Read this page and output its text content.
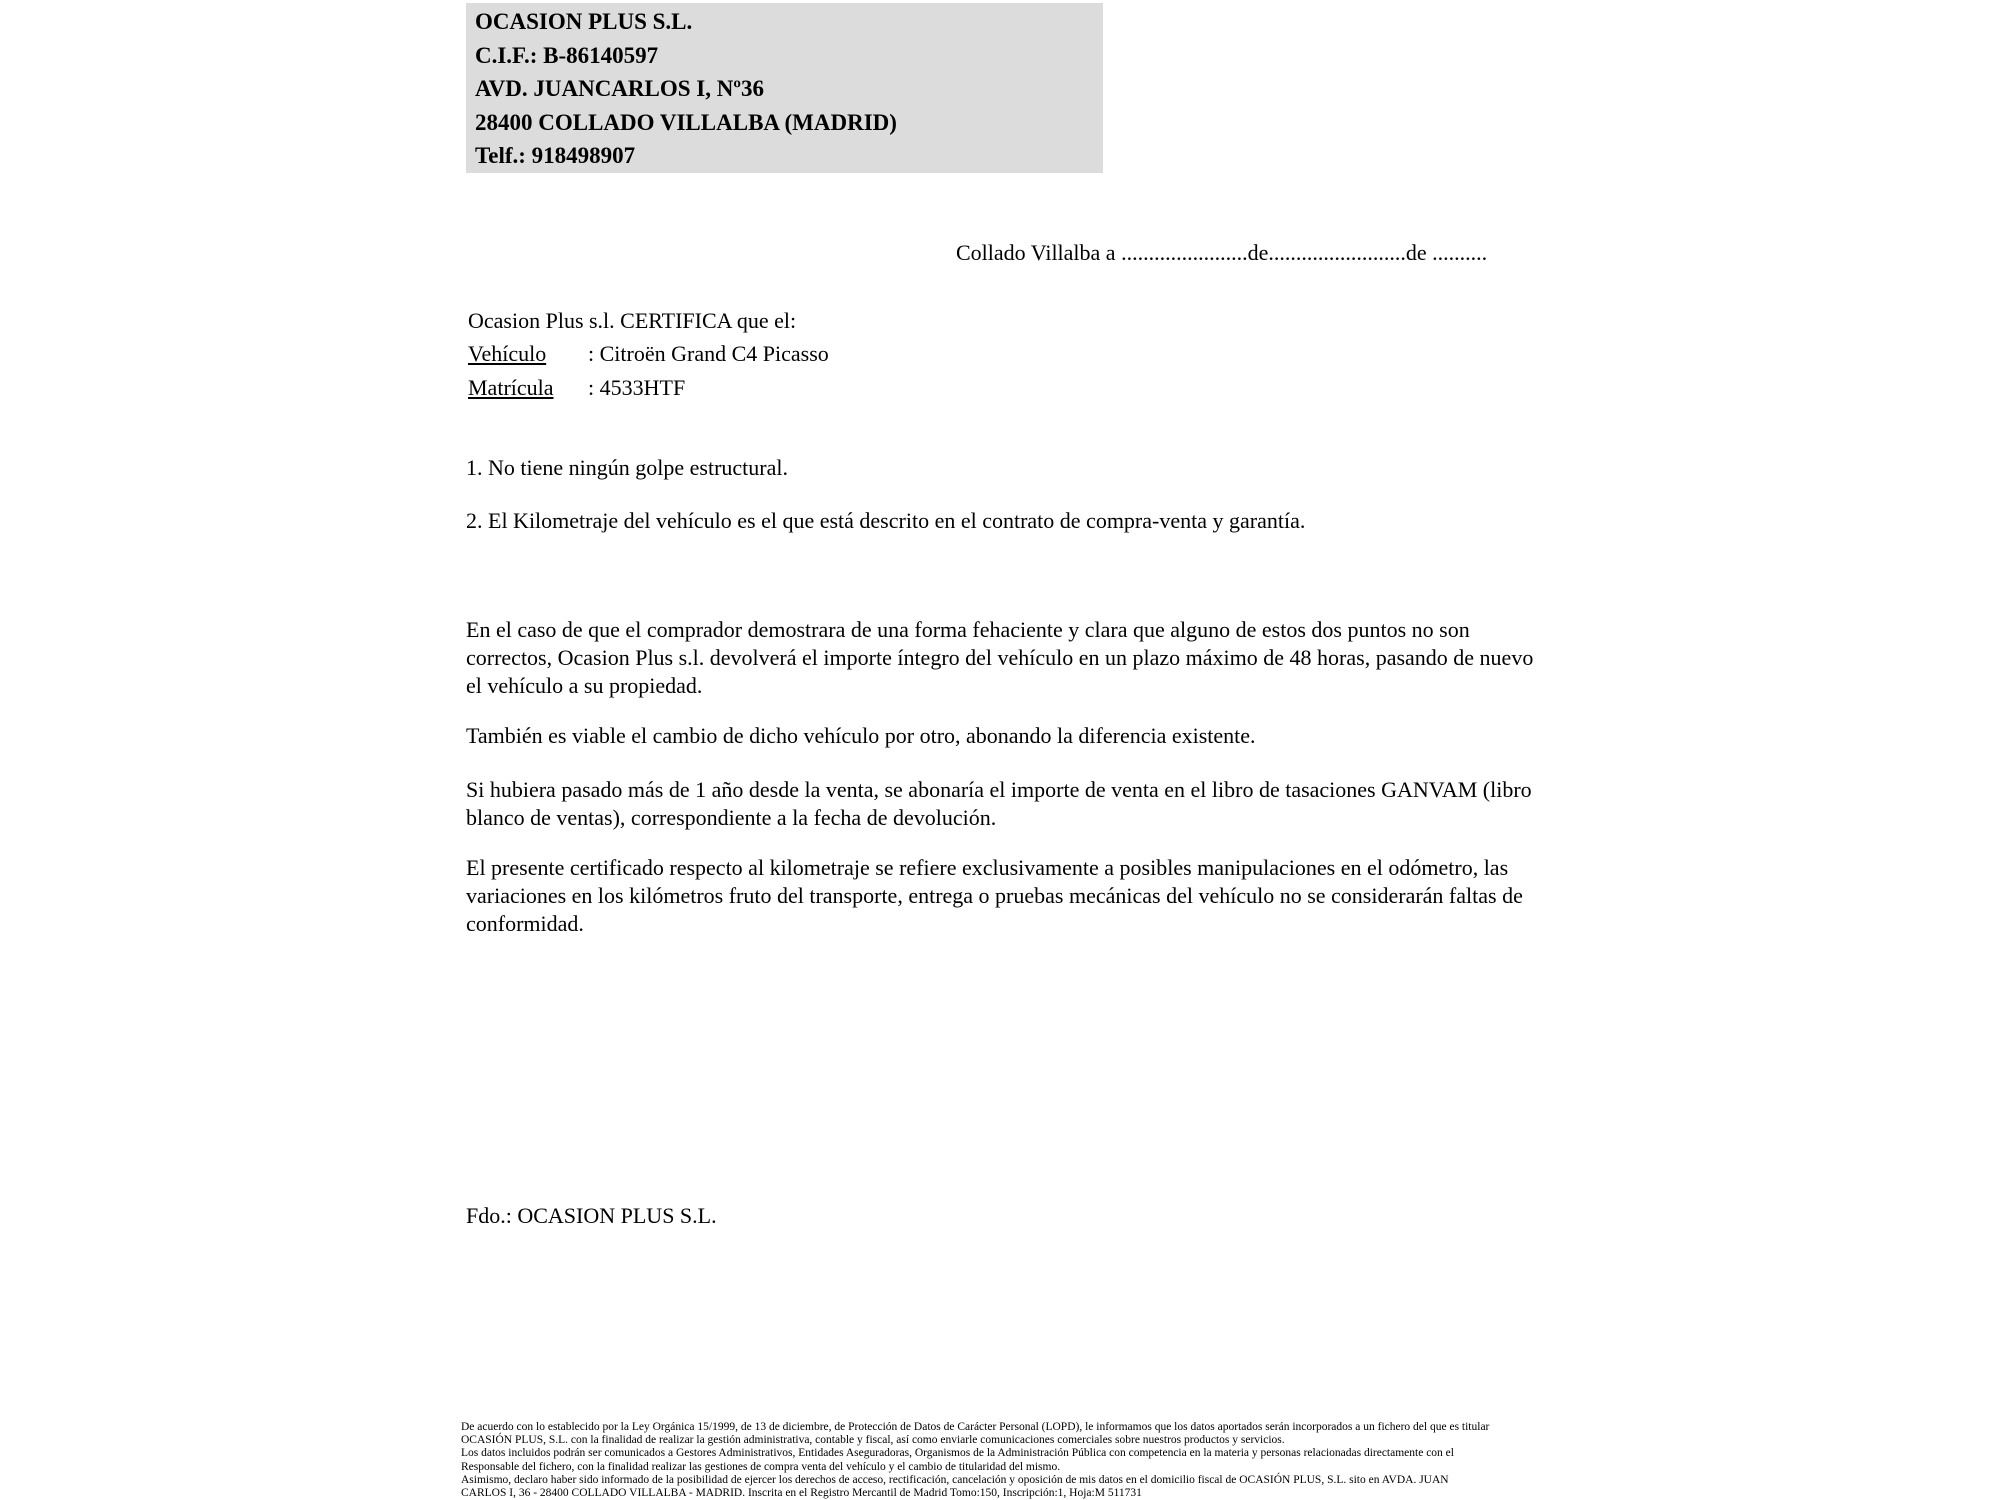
OCASION PLUS S.L.
C.I.F.: B-86140597
AVD. JUANCARLOS I, Nº36
28400 COLLADO VILLALBA (MADRID)
Telf.: 918498907
Collado Villalba a .......................de.........................de ..........
Ocasion Plus s.l. CERTIFICA que el:
Vehículo : Citroën Grand C4 Picasso
Matrícula : 4533HTF
1. No tiene ningún golpe estructural.
2. El Kilometraje del vehículo es el que está descrito en el contrato de compra-venta y garantía.
En el caso de que el comprador demostrara de una forma fehaciente y clara que alguno de estos dos puntos no son correctos, Ocasion Plus s.l. devolverá el importe íntegro del vehículo en un plazo máximo de 48 horas, pasando de nuevo el vehículo a su propiedad.
También es viable el cambio de dicho vehículo por otro, abonando la diferencia existente.
Si hubiera pasado más de 1 año desde la venta, se abonaría el importe de venta en el libro de tasaciones GANVAM (libro blanco de ventas), correspondiente a la fecha de devolución.
El presente certificado respecto al kilometraje se refiere exclusivamente a posibles manipulaciones en el odómetro, las variaciones en los kilómetros fruto del transporte, entrega o pruebas mecánicas del vehículo no se considerarán faltas de conformidad.
Fdo.: OCASION PLUS S.L.
De acuerdo con lo establecido por la Ley Orgánica 15/1999, de 13 de diciembre, de Protección de Datos de Carácter Personal (LOPD), le informamos que los datos aportados serán incorporados a un fichero del que es titular
OCASIÓN PLUS, S.L. con la finalidad de realizar la gestión administrativa, contable y fiscal, así como enviarle comunicaciones comerciales sobre nuestros productos y servicios.
Los datos incluidos podrán ser comunicados a Gestores Administrativos, Entidades Aseguradoras, Organismos de la Administración Pública con competencia en la materia y personas relacionadas directamente con el
Responsable del fichero, con la finalidad realizar las gestiones de compra venta del vehículo y el cambio de titularidad del mismo.
Asimismo, declaro haber sido informado de la posibilidad de ejercer los derechos de acceso, rectificación, cancelación y oposición de mis datos en el domicilio fiscal de OCASIÓN PLUS, S.L. sito en AVDA. JUAN
CARLOS I, 36 - 28400 COLLADO VILLALBA - MADRID. Inscrita en el Registro Mercantil de Madrid Tomo:150, Inscripción:1, Hoja:M 511731
